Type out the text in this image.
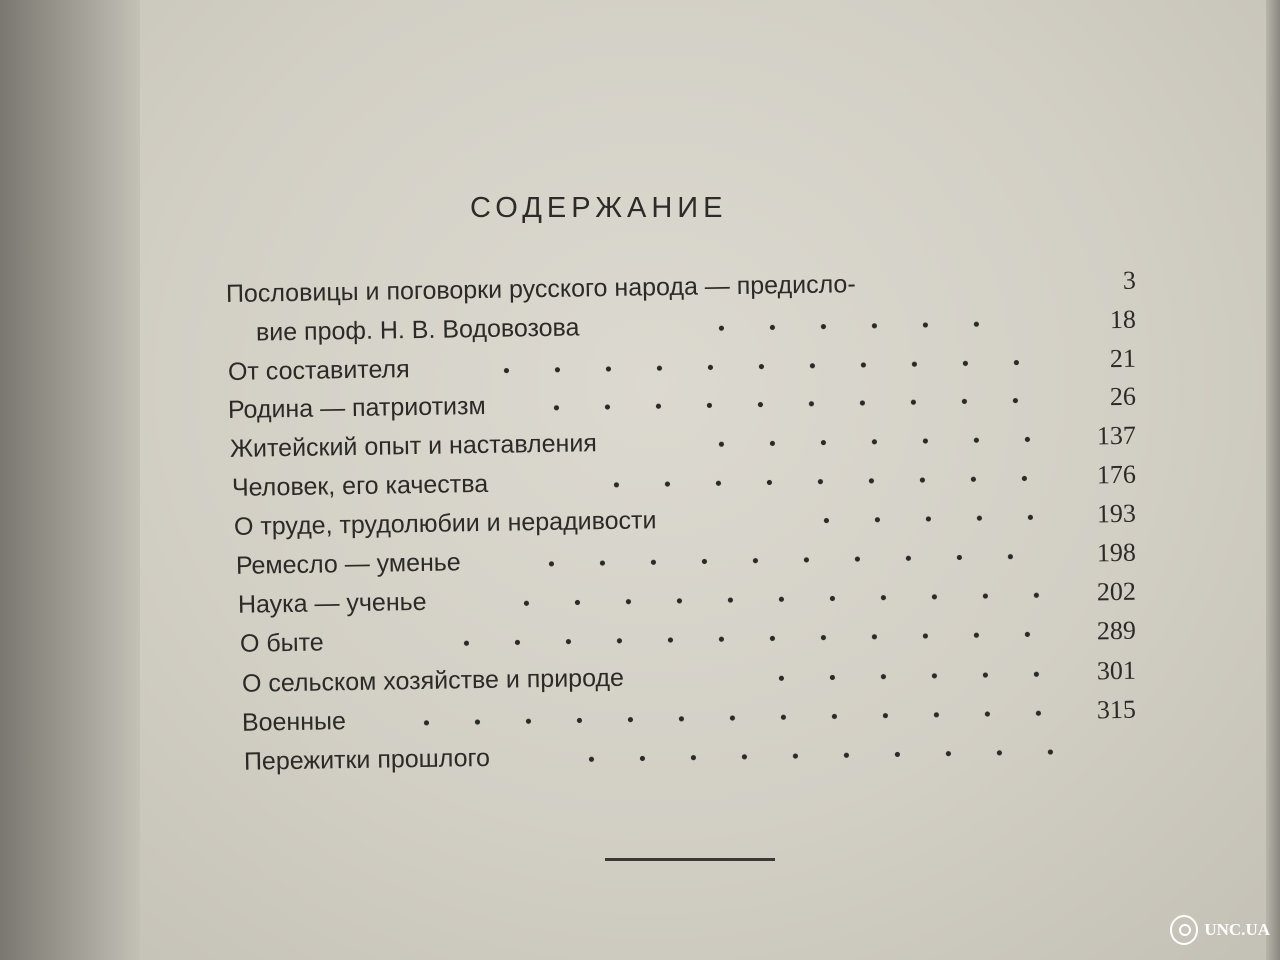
СОДЕРЖАНИЕ
Пословицы и поговорки русского народа — предисло-	3
вие проф. Н. В. Водовозова	18
От составителя	21
Родина — патриотизм	26
Житейский опыт и наставления	137
Человек, его качества	176
О труде, трудолюбии и нерадивости	193
Ремесло — уменье	198
Наука — ученье	202
О быте	289
О сельском хозяйстве и природе	301
Военные	315
Пережитки прошлого
UNC.UA
